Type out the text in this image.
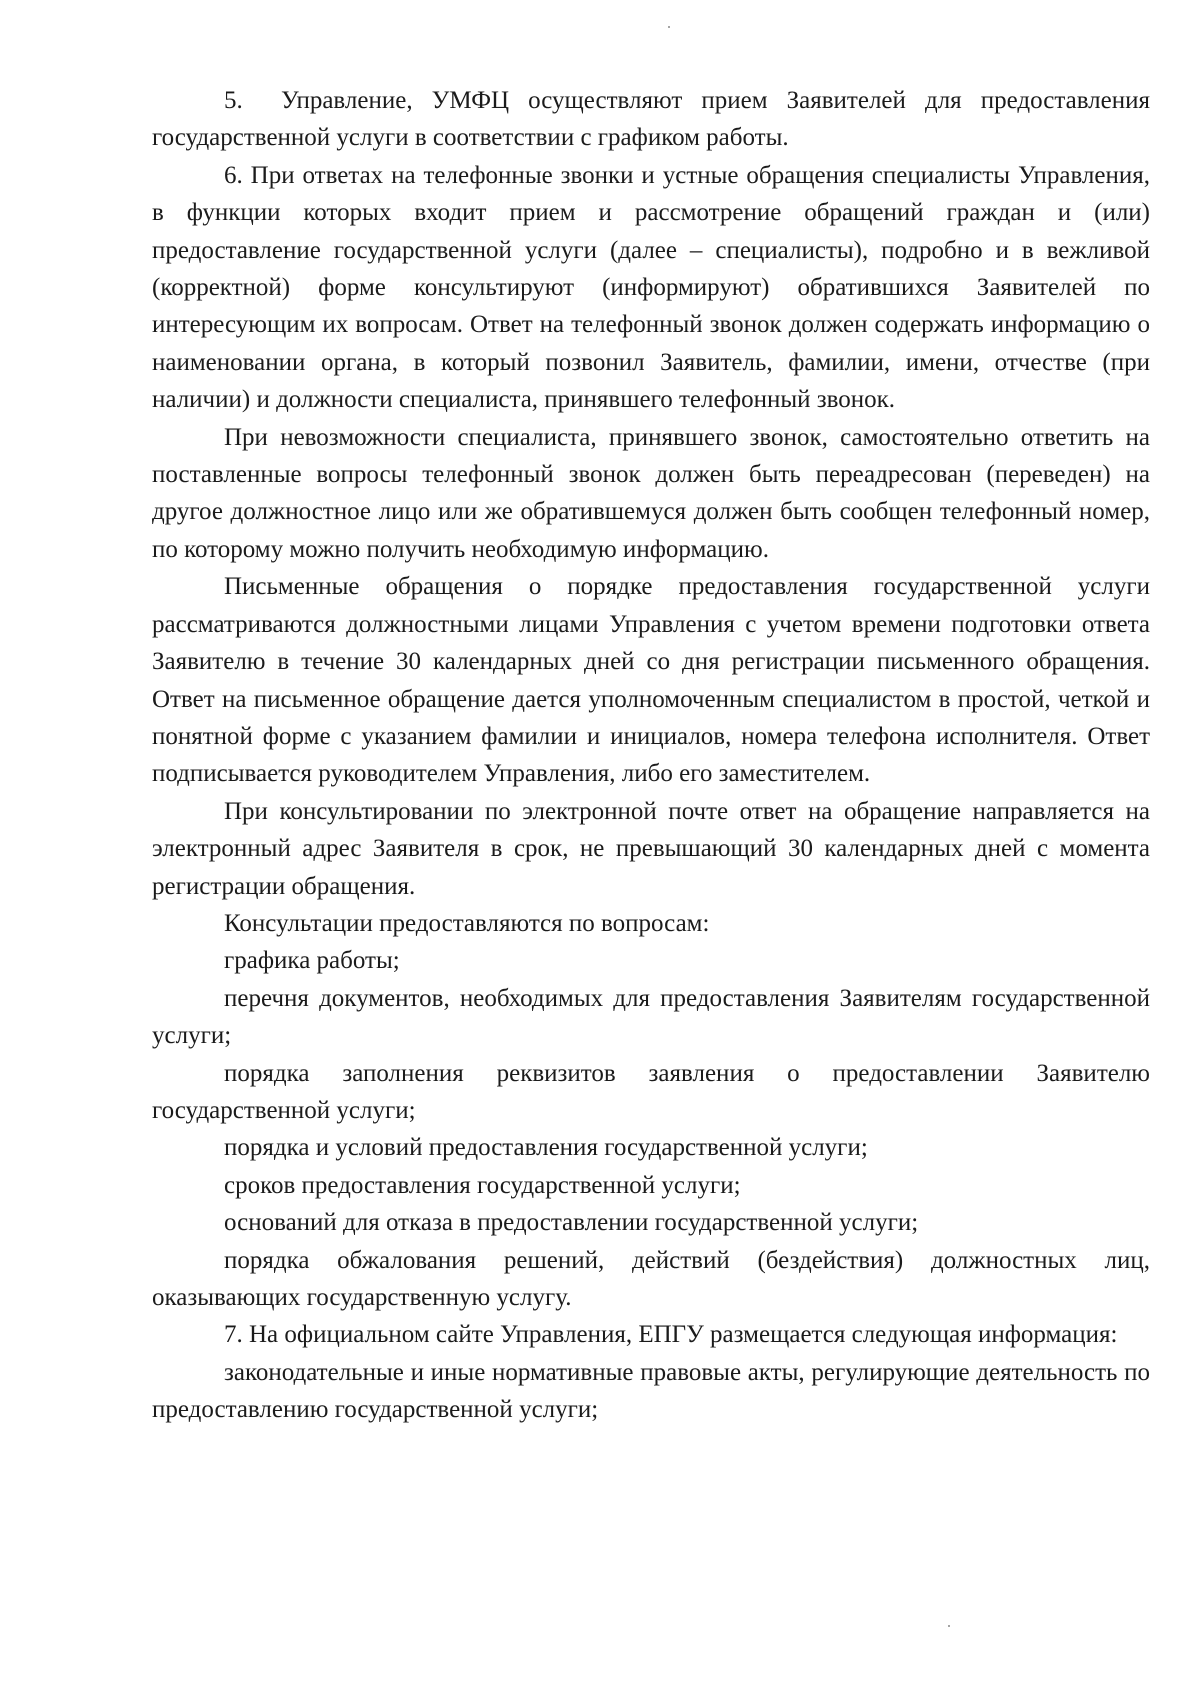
5.  Управление, УМФЦ осуществляют прием Заявителей для предоставления государственной услуги в соответствии с графиком работы.

6. При ответах на телефонные звонки и устные обращения специалисты Управления, в функции которых входит прием и рассмотрение обращений граждан и (или) предоставление государственной услуги (далее – специалисты), подробно и в вежливой (корректной) форме консультируют (информируют) обратившихся Заявителей по интересующим их вопросам. Ответ на телефонный звонок должен содержать информацию о наименовании органа, в который позвонил Заявитель, фамилии, имени, отчестве (при наличии) и должности специалиста, принявшего телефонный звонок.

При невозможности специалиста, принявшего звонок, самостоятельно ответить на поставленные вопросы телефонный звонок должен быть переадресован (переведен) на другое должностное лицо или же обратившемуся должен быть сообщен телефонный номер, по которому можно получить необходимую информацию.

Письменные обращения о порядке предоставления государственной услуги рассматриваются должностными лицами Управления с учетом времени подготовки ответа Заявителю в течение 30 календарных дней со дня регистрации письменного обращения. Ответ на письменное обращение дается уполномоченным специалистом в простой, четкой и понятной форме с указанием фамилии и инициалов, номера телефона исполнителя. Ответ подписывается руководителем Управления, либо его заместителем.

При консультировании по электронной почте ответ на обращение направляется на электронный адрес Заявителя в срок, не превышающий 30 календарных дней с момента регистрации обращения.

Консультации предоставляются по вопросам:

графика работы;

перечня документов, необходимых для предоставления Заявителям государственной услуги;

порядка заполнения реквизитов заявления о предоставлении Заявителю государственной услуги;

порядка и условий предоставления государственной услуги;

сроков предоставления государственной услуги;

оснований для отказа в предоставлении государственной услуги;

порядка обжалования решений, действий (бездействия) должностных лиц, оказывающих государственную услугу.

7. На официальном сайте Управления, ЕПГУ размещается следующая информация:

законодательные и иные нормативные правовые акты, регулирующие деятельность по предоставлению государственной услуги;
